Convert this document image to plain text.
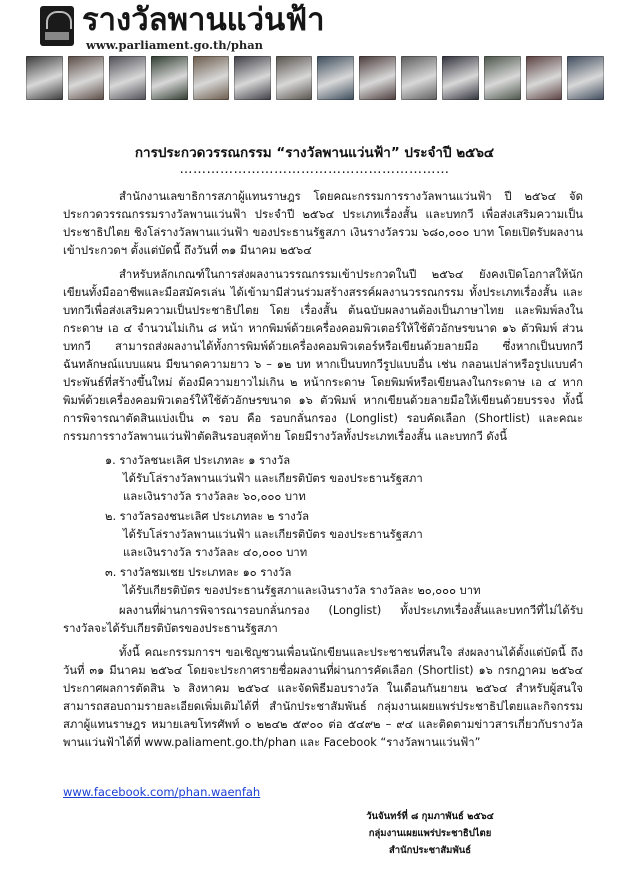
รางวัลพานแว่นฟ้า
www.parliament.go.th/phan
การประกวดวรรณกรรม “รางวัลพานแว่นฟ้า” ประจำปี ๒๕๖๔
……………………………………………………

สำนักงานเลขาธิการสภาผู้แทนราษฎร โดยคณะกรรมการรางวัลพานแว่นฟ้า ปี ๒๕๖๔ จัดประกวดวรรณกรรมรางวัลพานแว่นฟ้า ประจำปี ๒๕๖๔ ประเภทเรื่องสั้น และบทกวี เพื่อส่งเสริมความเป็นประชาธิปไตย ชิงโล่รางวัลพานแว่นฟ้า ของประธานรัฐสภา เงินรางวัลรวม ๖๘๐,๐๐๐ บาท โดยเปิดรับผลงานเข้าประกวดฯ ตั้งแต่บัดนี้ ถึงวันที่ ๓๑ มีนาคม ๒๕๖๔

สำหรับหลักเกณฑ์ในการส่งผลงานวรรณกรรมเข้าประกวดในปี ๒๕๖๔ ยังคงเปิดโอกาสให้นักเขียนทั้งมืออาชีพและมือสมัครเล่น ได้เข้ามามีส่วนร่วมสร้างสรรค์ผลงานวรรณกรรม ทั้งประเภทเรื่องสั้น และบทกวีเพื่อส่งเสริมความเป็นประชาธิปไตย โดย เรื่องสั้น ต้นฉบับผลงานต้องเป็นภาษาไทย และพิมพ์ลงในกระดาษ เอ ๔ จำนวนไม่เกิน ๘ หน้า หากพิมพ์ด้วยเครื่องคอมพิวเตอร์ให้ใช้ตัวอักษรขนาด ๑๖ ตัวพิมพ์ ส่วน บทกวี สามารถส่งผลงานได้ทั้งการพิมพ์ด้วยเครื่องคอมพิวเตอร์หรือเขียนด้วยลายมือ ซึ่งหากเป็นบทกวีฉันทลักษณ์แบบแผน มีขนาดความยาว ๖ – ๑๒ บท หากเป็นบทกวีรูปแบบอื่น เช่น กลอนเปล่าหรือรูปแบบคำประพันธ์ที่สร้างขึ้นใหม่ ต้องมีความยาวไม่เกิน ๒ หน้ากระดาษ โดยพิมพ์หรือเขียนลงในกระดาษ เอ ๔ หากพิมพ์ด้วยเครื่องคอมพิวเตอร์ให้ใช้ตัวอักษรขนาด ๑๖ ตัวพิมพ์ หากเขียนด้วยลายมือให้เขียนด้วยบรรจง ทั้งนี้ การพิจารณาตัดสินแบ่งเป็น ๓ รอบ คือ รอบกลั่นกรอง (Longlist) รอบคัดเลือก (Shortlist) และคณะกรรมการรางวัลพานแว่นฟ้าตัดสินรอบสุดท้าย โดยมีรางวัลทั้งประเภทเรื่องสั้น และบทกวี ดังนี้

๑. รางวัลชนะเลิศ ประเภทละ ๑ รางวัล
ได้รับโล่รางวัลพานแว่นฟ้า และเกียรติบัตร ของประธานรัฐสภา
และเงินรางวัล รางวัลละ ๖๐,๐๐๐ บาท
๒. รางวัลรองชนะเลิศ ประเภทละ ๒ รางวัล
ได้รับโล่รางวัลพานแว่นฟ้า และเกียรติบัตร ของประธานรัฐสภา
และเงินรางวัล รางวัลละ ๔๐,๐๐๐ บาท
๓. รางวัลชมเชย ประเภทละ ๑๐ รางวัล
ได้รับเกียรติบัตร ของประธานรัฐสภาและเงินรางวัล รางวัลละ ๒๐,๐๐๐ บาท

ผลงานที่ผ่านการพิจารณารอบกลั่นกรอง (Longlist) ทั้งประเภทเรื่องสั้นและบทกวีที่ไม่ได้รับรางวัลจะได้รับเกียรติบัตรของประธานรัฐสภา

ทั้งนี้ คณะกรรมการฯ ขอเชิญชวนเพื่อนนักเขียนและประชาชนที่สนใจ ส่งผลงานได้ตั้งแต่บัดนี้ ถึงวันที่ ๓๑ มีนาคม ๒๕๖๔ โดยจะประกาศรายชื่อผลงานที่ผ่านการคัดเลือก (Shortlist) ๑๖ กรกฎาคม ๒๕๖๔ ประกาศผลการตัดสิน ๖ สิงหาคม ๒๕๖๔ และจัดพิธีมอบรางวัล ในเดือนกันยายน ๒๕๖๔ สำหรับผู้สนใจสามารถสอบถามรายละเอียดเพิ่มเติมได้ที่ สำนักประชาสัมพันธ์ กลุ่มงานเผยแพร่ประชาธิปไตยและกิจกรรม สภาผู้แทนราษฎร หมายเลขโทรศัพท์ ๐ ๒๒๔๒ ๕๙๐๐ ต่อ ๕๔๙๒ – ๙๔ และติดตามข่าวสารเกี่ยวกับรางวัลพานแว่นฟ้าได้ที่ www.paliament.go.th/phan และ Facebook “รางวัลพานแว่นฟ้า”

www.facebook.com/phan.waenfah
วันจันทร์ที่ ๘ กุมภาพันธ์ ๒๕๖๔
กลุ่มงานเผยแพร่ประชาธิปไตย
สำนักประชาสัมพันธ์
